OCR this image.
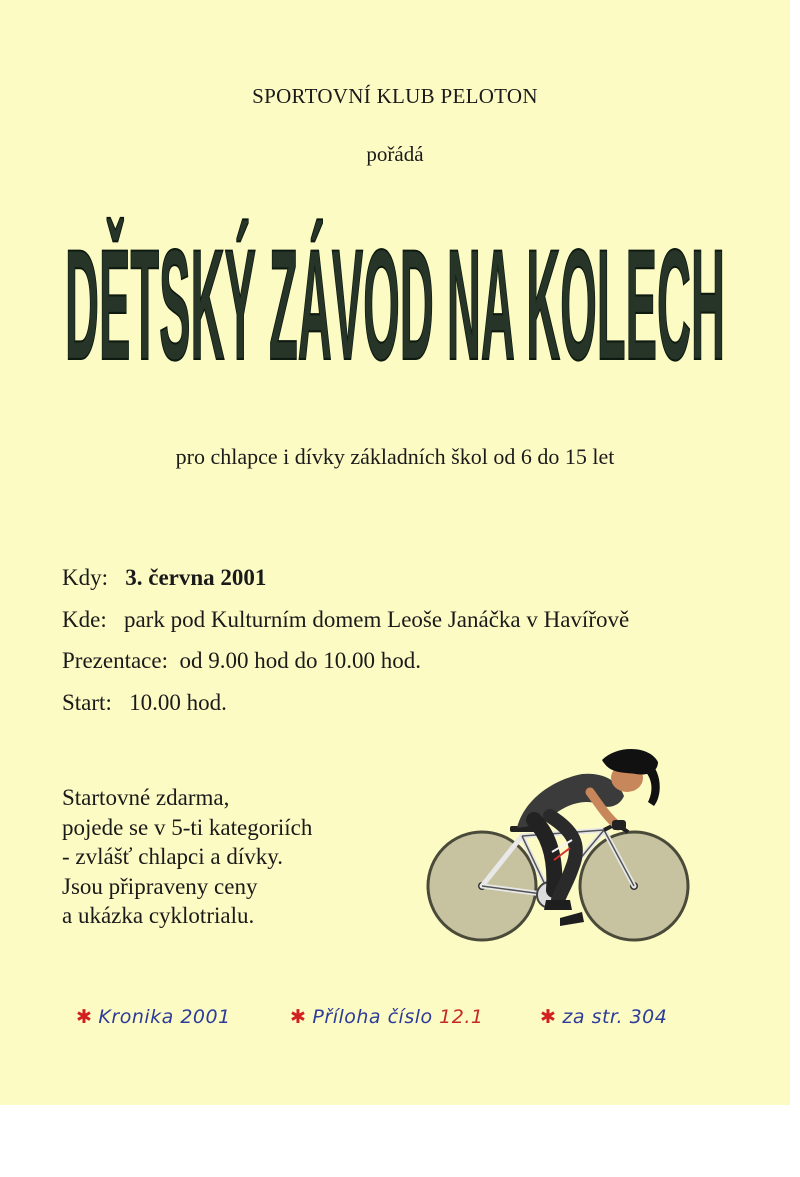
SPORTOVNÍ KLUB PELOTON
pořádá
DĚTSKÝ ZÁVOD NA KOLECH
pro chlapce i dívky základních škol od 6 do 15 let
Kdy: 3. června 2001
Kde: park pod Kulturním domem Leoše Janáčka v Havířově
Prezentace: od 9.00 hod do 10.00 hod.
Start: 10.00 hod.
Startovné zdarma,
pojede se v 5-ti kategoriích
- zvlášť chlapci a dívky.
Jsou připraveny ceny
a ukázka cyklotrialu.
✱ Kronika 2001	✱ Příloha číslo 12.1	✱ za str. 304
